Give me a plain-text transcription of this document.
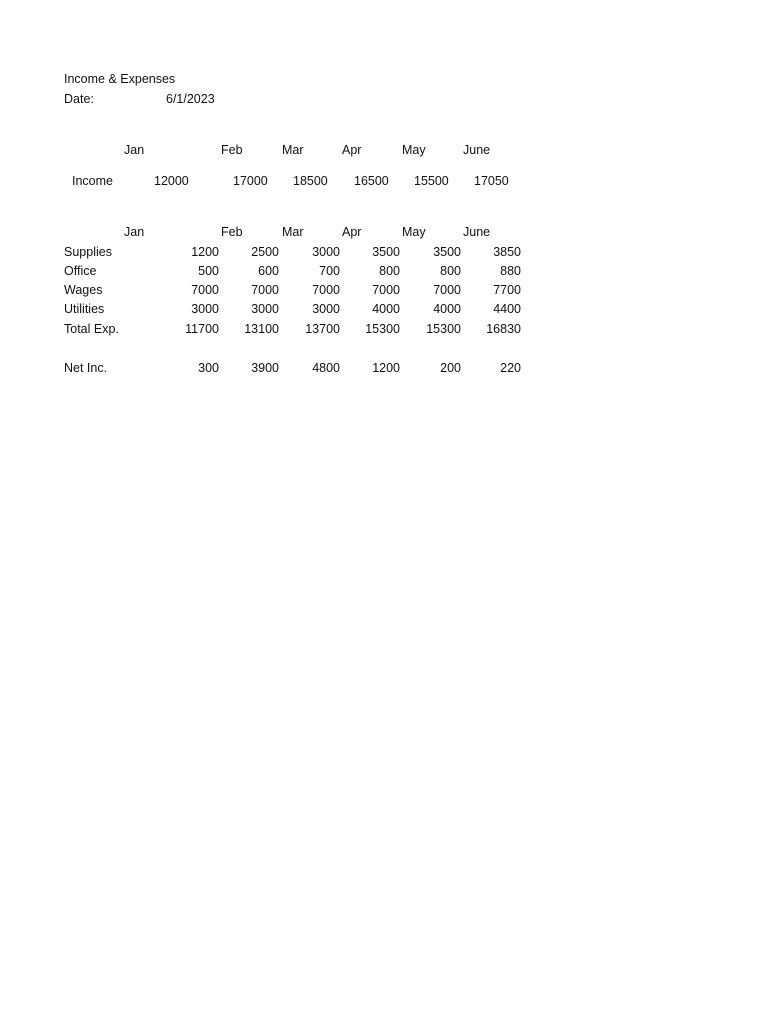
Income & Expenses
Date:	6/1/2023
Jan	Feb	Mar	Apr	May	June
Income	12000	17000 18500 16500 15500 17050
Jan	Feb	Mar	Apr	May	June
Supplies	1200	2500	3000	3500	3500	3850
Office	500	600	700	800	800	880
Wages	7000	7000	7000	7000	7000	7700
Utilities	3000	3000	3000	4000	4000	4400
Total Exp.	11700 13100 13700 15300 15300 16830
Net Inc.	300	3900	4800	1200	200	220
